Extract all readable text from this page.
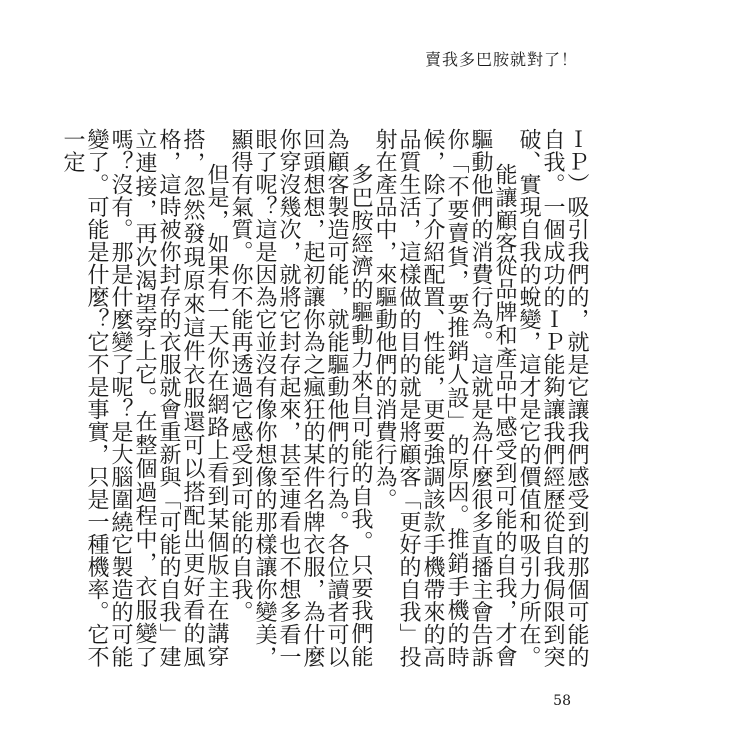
賣我多巴胺就對了！

ＩＰ）吸引我們的，就是它讓我們感受到的那個可能的自我。一個成功的ＩＰ能夠讓我們經歷從自我侷限到突破、實現自我的蛻變，這才是它的價值和吸引力所在。

能讓顧客從品牌和產品中感受到可能的自我，才會驅動他們的消費行為。這就是為什麼很多直播主會告訴你「不要賣貨，要推銷人設」的原因。推銷手機的時候，除了介紹配置、性能，更要強調該款手機帶來的高品質生活，這樣做的目的就是將顧客「更好的自我」投射在產品中，來驅動他們的消費行為。

多巴胺經濟的驅動力來自可能的自我。只要我們能為顧客製造可能，就能驅動他們的行為。各位讀者可以回頭想想，起初讓你為之瘋狂的某件名牌衣服，為什麼你穿沒幾次，就將它封存起來，甚至連看也不想多看一眼了呢？這是因為它並沒有像你想像的那樣讓你變美，顯得有氣質。你不能再透過它感受到可能的自我。

但是，如果有一天你在網路上看到某個版主在講穿搭，忽然發現原來這件衣服還可以搭配出更好看的風格，這時被你封存的衣服就會重新與「可能的自我」建立連接，再次渴望穿上它。在整個過程中，衣服變了嗎？沒有。那是什麼變了呢？是大腦圍繞它製造的可能變了。可能是什麼？它不是事實，只是一種機率。它不一定

58
